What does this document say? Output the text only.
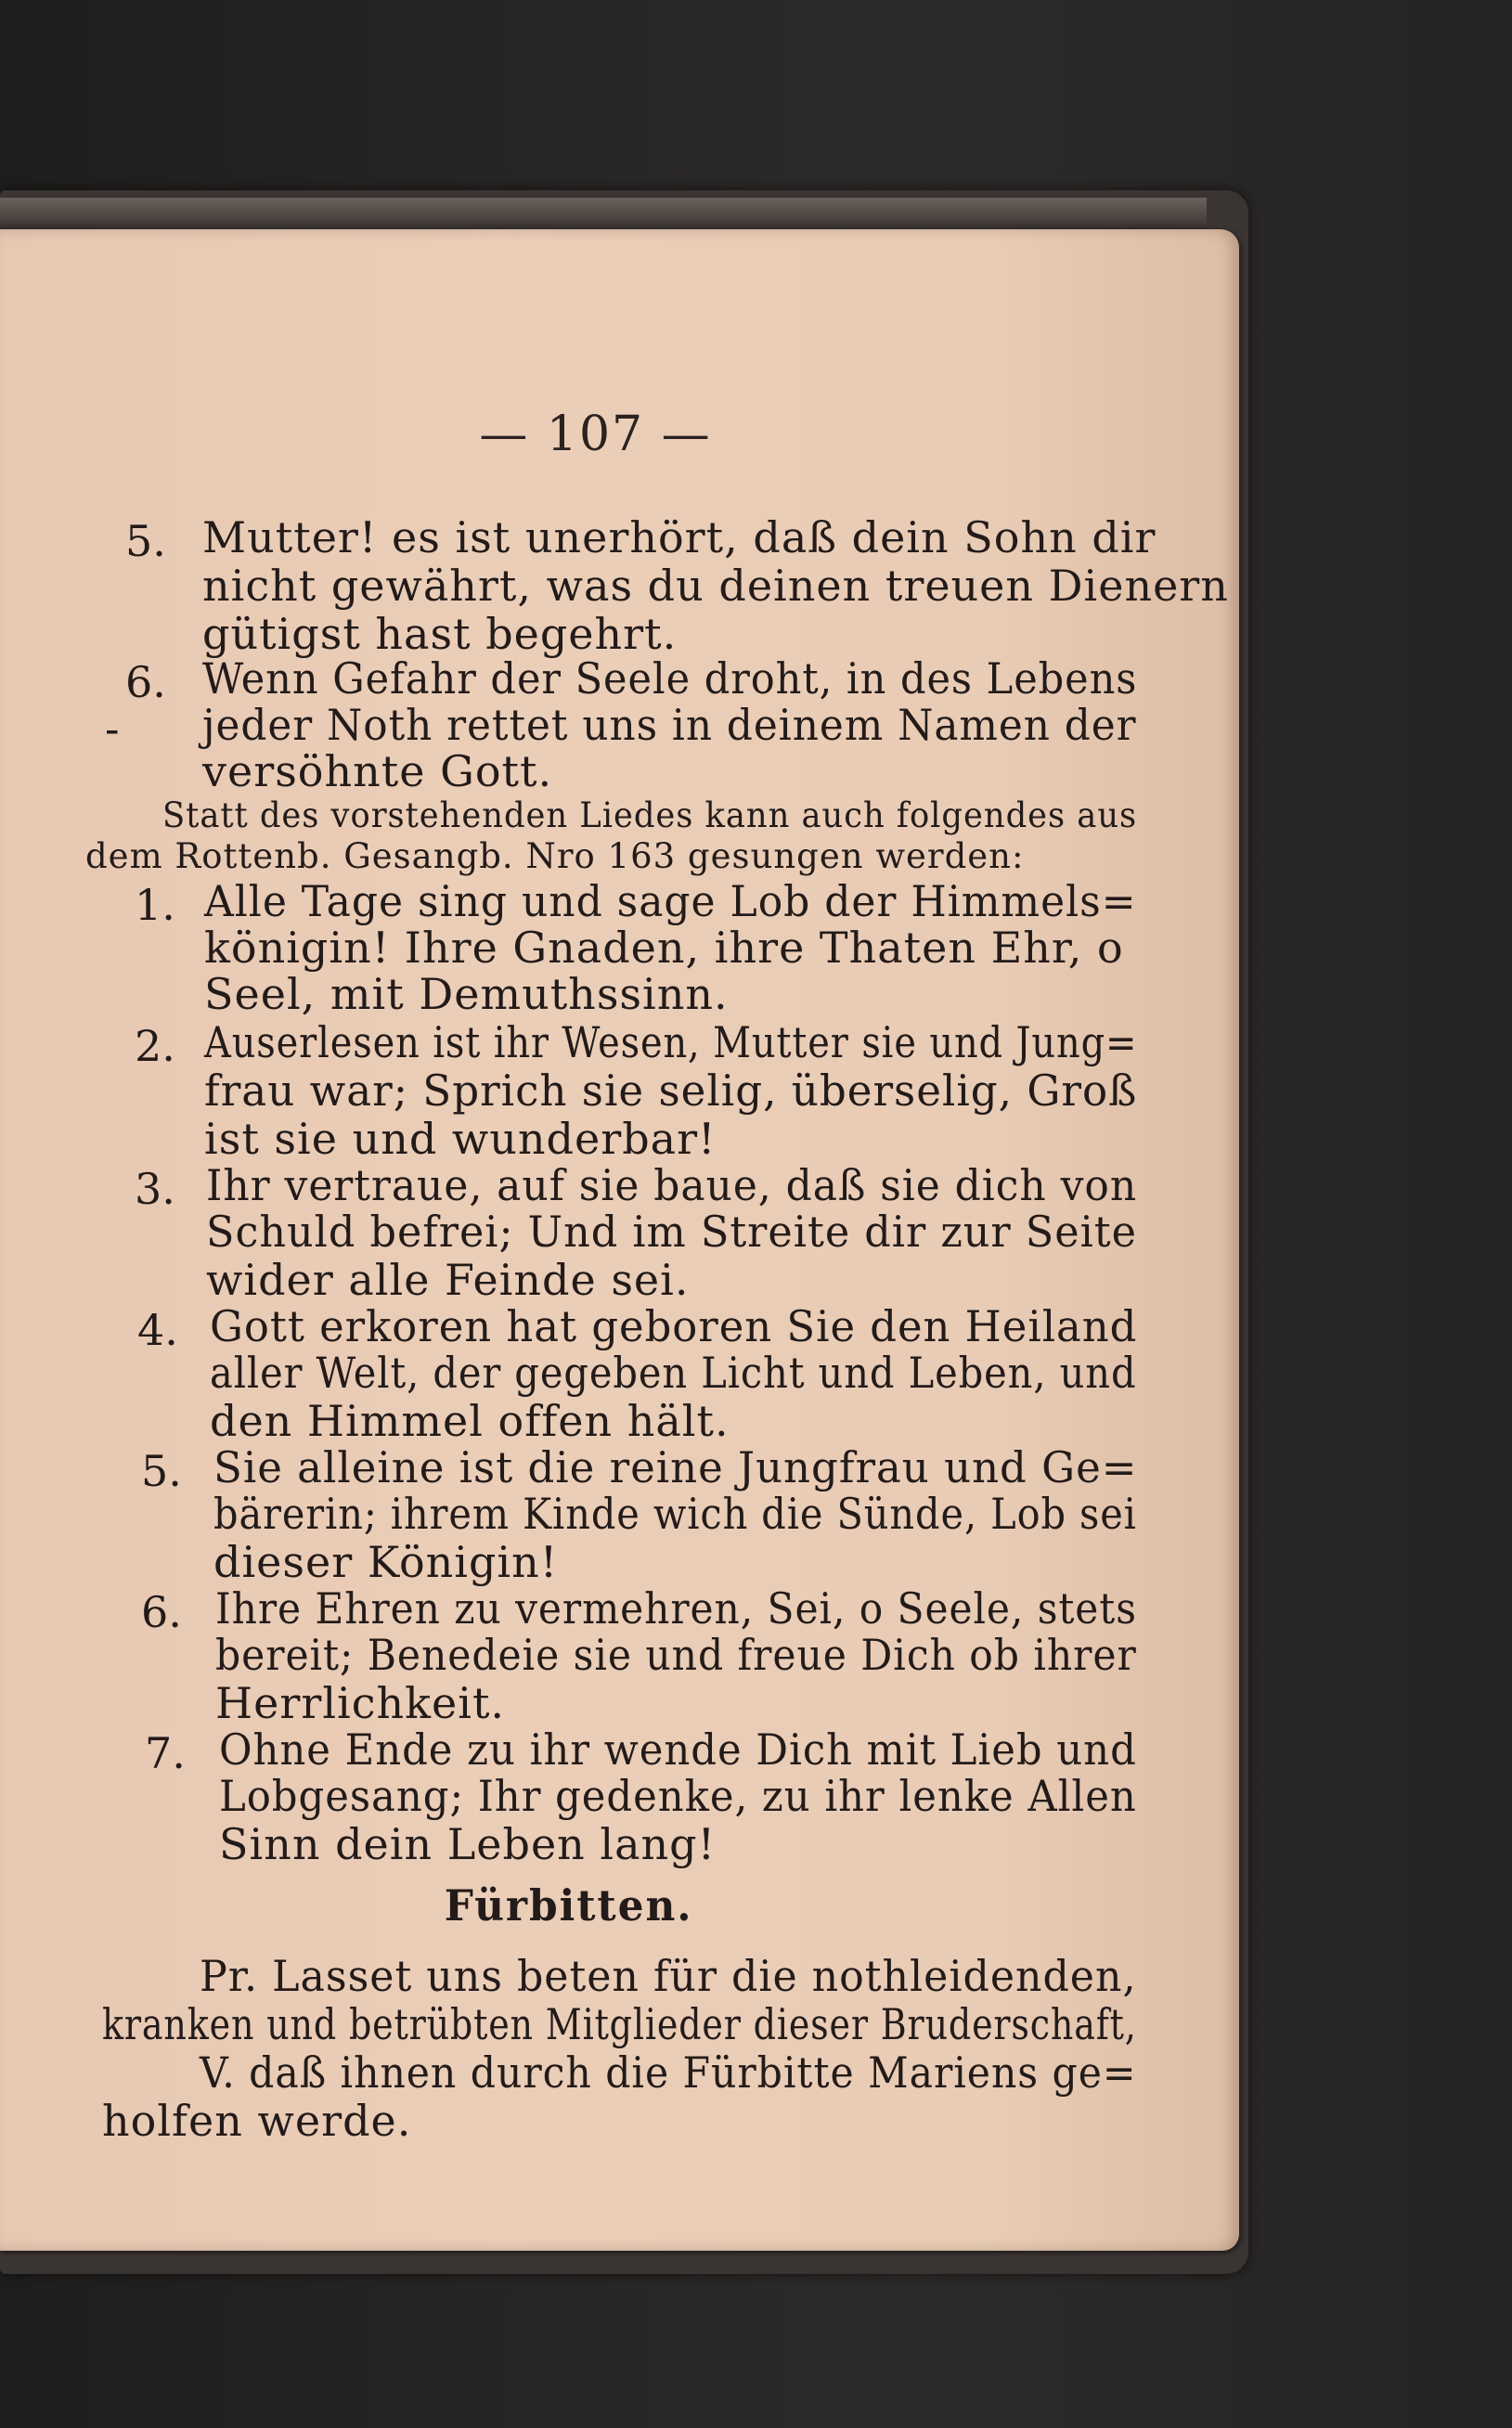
— 107 —
5. Mutter! es ist unerhört, daß dein Sohn dir
nicht gewährt, was du deinen treuen Dienern
gütigst hast begehrt.
6. Wenn Gefahr der Seele droht, in des Lebens
- jeder Noth rettet uns in deinem Namen der
versöhnte Gott.
Statt des vorstehenden Liedes kann auch folgendes aus
dem Rottenb. Gesangb. Nro 163 gesungen werden:
1. Alle Tage sing und sage Lob der Himmels=
königin! Ihre Gnaden, ihre Thaten Ehr, o
Seel, mit Demuthssinn.
2. Auserlesen ist ihr Wesen, Mutter sie und Jung=
frau war; Sprich sie selig, überselig, Groß
ist sie und wunderbar!
3. Ihr vertraue, auf sie baue, daß sie dich von
Schuld befrei; Und im Streite dir zur Seite
wider alle Feinde sei.
4. Gott erkoren hat geboren Sie den Heiland
aller Welt, der gegeben Licht und Leben, und
den Himmel offen hält.
5. Sie alleine ist die reine Jungfrau und Ge=
bärerin; ihrem Kinde wich die Sünde, Lob sei
dieser Königin!
6. Ihre Ehren zu vermehren, Sei, o Seele, stets
bereit; Benedeie sie und freue Dich ob ihrer
Herrlichkeit.
7. Ohne Ende zu ihr wende Dich mit Lieb und
Lobgesang; Ihr gedenke, zu ihr lenke Allen
Sinn dein Leben lang!
Fürbitten.
Pr. Lasset uns beten für die nothleidenden,
kranken und betrübten Mitglieder dieser Bruderschaft,
V. daß ihnen durch die Fürbitte Mariens ge=
holfen werde.
